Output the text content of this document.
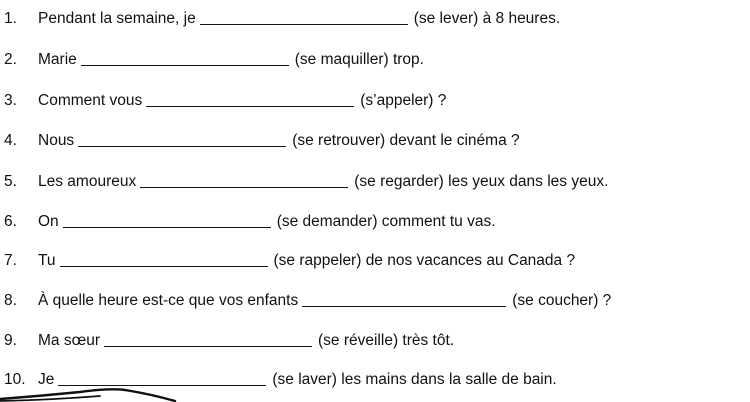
1.	Pendant la semaine, je	(se lever) à 8 heures.
2.	Marie	(se maquiller) trop.
3.	Comment vous	(s’appeler) ?
4.	Nous	(se retrouver) devant le cinéma ?
5.	Les amoureux	(se regarder) les yeux dans les yeux.
6.	On	(se demander) comment tu vas.
7.	Tu	(se rappeler) de nos vacances au Canada ?
8.	À quelle heure est-ce que vos enfants	(se coucher) ?
9.	Ma sœur	(se réveille) très tôt.
10. Je	(se laver) les mains dans la salle de bain.
